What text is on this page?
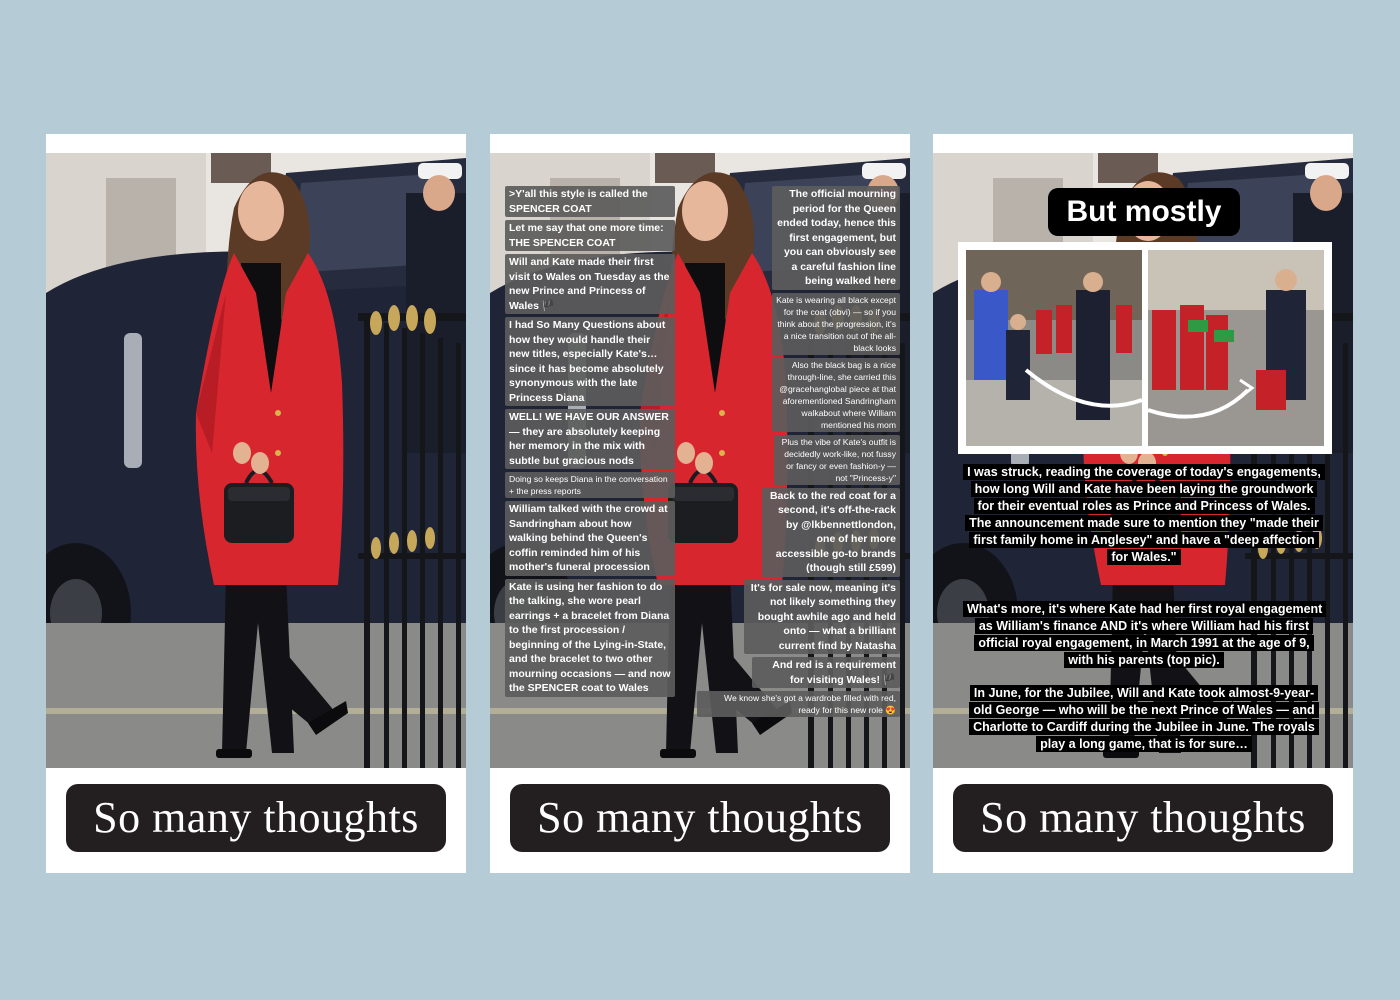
So many thoughts
>Y'all this style is called the SPENCER COAT
Let me say that one more time: THE SPENCER COAT
Will and Kate made their first visit to Wales on Tuesday as the new Prince and Princess of Wales 🏴
I had So Many Questions about how they would handle their new titles, especially Kate's…since it has become absolutely synonymous with the late Princess Diana
WELL! WE HAVE OUR ANSWER — they are absolutely keeping her memory in the mix with subtle but gracious nods
Doing so keeps Diana in the conversation + the press reports
William talked with the crowd at Sandringham about how walking behind the Queen's coffin reminded him of his mother's funeral procession
Kate is using her fashion to do the talking, she wore pearl earrings + a bracelet from Diana to the first procession / beginning of the Lying-in-State, and the bracelet to two other mourning occasions — and now the SPENCER coat to Wales
The official mourning period for the Queen ended today, hence this first engagement, but you can obviously see a careful fashion line being walked here
Kate is wearing all black except for the coat (obvi) — so if you think about the progression, it's a nice transition out of the all-black looks
Also the black bag is a nice through-line, she carried this @gracehanglobal piece at that aforementioned Sandringham walkabout where William mentioned his mom
Plus the vibe of Kate's outfit is decidedly work-like, not fussy or fancy or even fashion-y — not "Princess-y"
Back to the red coat for a second, it's off-the-rack by @lkbennettlondon, one of her more accessible go-to brands (though still £599)
It's for sale now, meaning it's not likely something they bought awhile ago and held onto — what a brilliant current find by Natasha
And red is a requirement for visiting Wales! 🏴
We know she's got a wardrobe filled with red, ready for this new role 😍
So many thoughts
But mostly
I was struck, reading the coverage of today's engagements, how long Will and Kate have been laying the groundwork for their eventual roles as Prince and Princess of Wales. The announcement made sure to mention they "made their first family home in Anglesey" and have a "deep affection for Wales."
What's more, it's where Kate had her first royal engagement as William's finance AND it's where William had his first official royal engagement, in March 1991 at the age of 9, with his parents (top pic).
In June, for the Jubilee, Will and Kate took almost-9-year-old George — who will be the next Prince of Wales — and Charlotte to Cardiff during the Jubilee in June. The royals play a long game, that is for sure…
So many thoughts
